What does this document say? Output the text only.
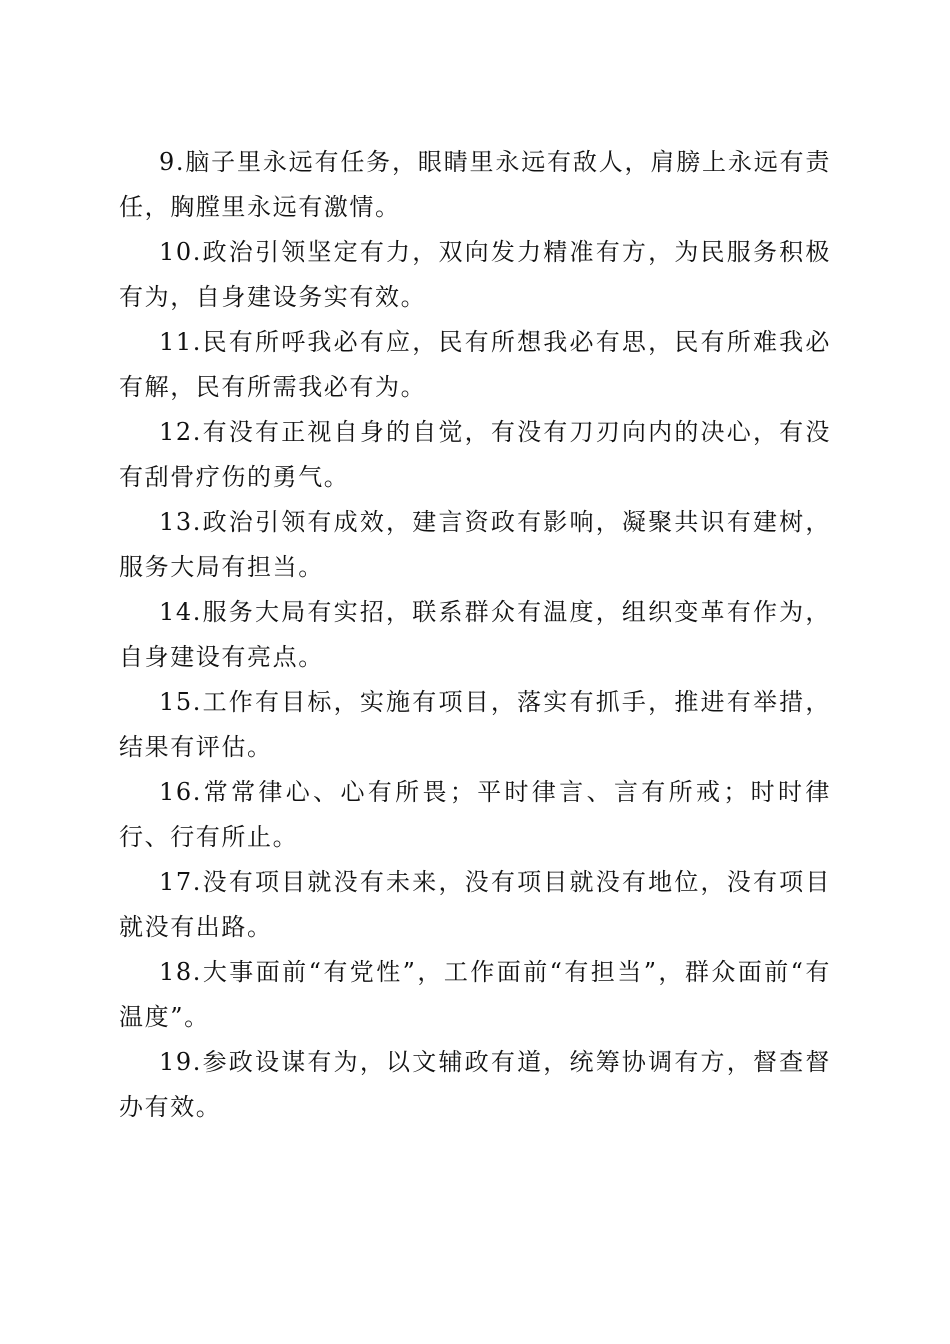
9.脑子里永远有任务，眼睛里永远有敌人，肩膀上永远有责任，胸膛里永远有激情。

10.政治引领坚定有力，双向发力精准有方，为民服务积极有为，自身建设务实有效。

11.民有所呼我必有应，民有所想我必有思，民有所难我必有解，民有所需我必有为。

12.有没有正视自身的自觉，有没有刀刃向内的决心，有没有刮骨疗伤的勇气。

13.政治引领有成效，建言资政有影响，凝聚共识有建树，服务大局有担当。

14.服务大局有实招，联系群众有温度，组织变革有作为，自身建设有亮点。

15.工作有目标，实施有项目，落实有抓手，推进有举措，结果有评估。

16.常常律心、心有所畏；平时律言、言有所戒；时时律行、行有所止。

17.没有项目就没有未来，没有项目就没有地位，没有项目就没有出路。

18.大事面前“有党性”，工作面前“有担当”，群众面前“有温度”。

19.参政设谋有为，以文辅政有道，统筹协调有方，督查督办有效。
